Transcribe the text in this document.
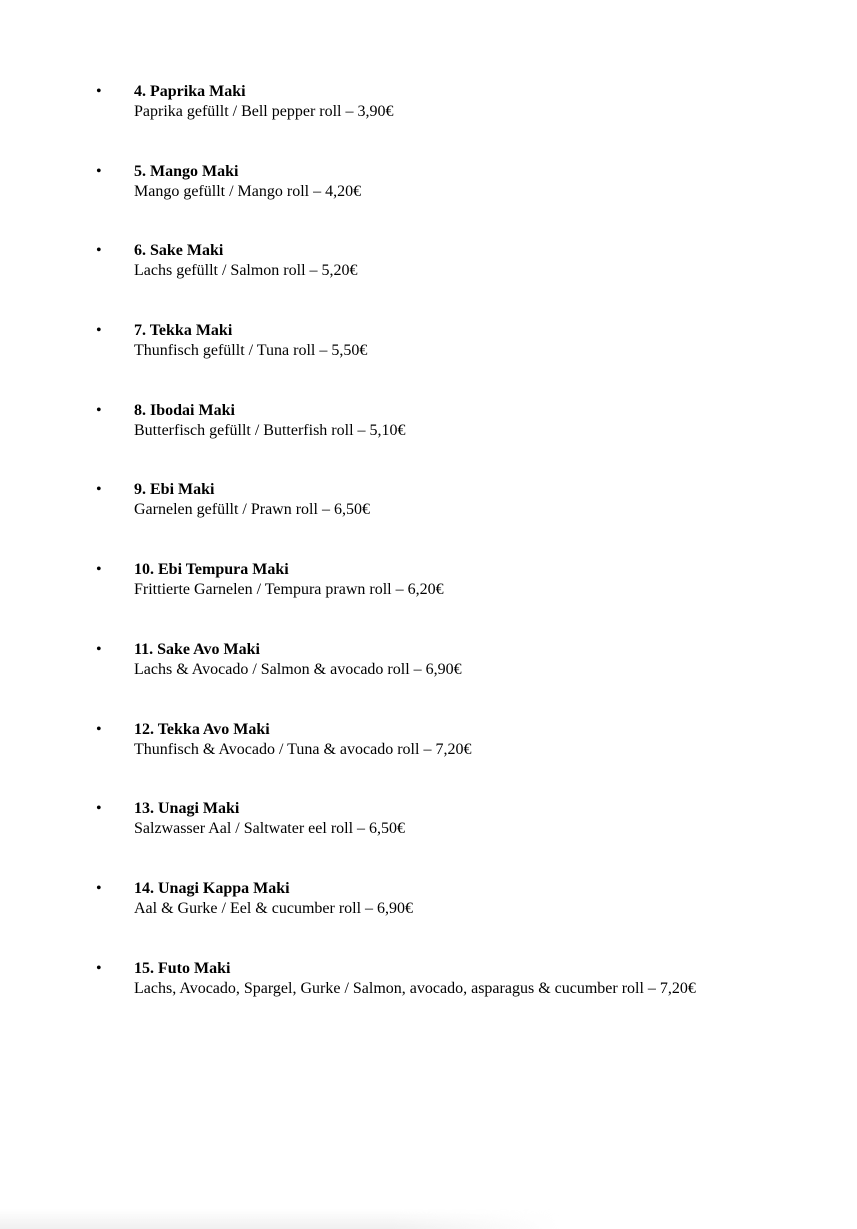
• 4. Paprika Maki
Paprika gefüllt / Bell pepper roll – 3,90€
• 5. Mango Maki
Mango gefüllt / Mango roll – 4,20€
• 6. Sake Maki
Lachs gefüllt / Salmon roll – 5,20€
• 7. Tekka Maki
Thunfisch gefüllt / Tuna roll – 5,50€
• 8. Ibodai Maki
Butterfisch gefüllt / Butterfish roll – 5,10€
• 9. Ebi Maki
Garnelen gefüllt / Prawn roll – 6,50€
• 10. Ebi Tempura Maki
Frittierte Garnelen / Tempura prawn roll – 6,20€
• 11. Sake Avo Maki
Lachs & Avocado / Salmon & avocado roll – 6,90€
• 12. Tekka Avo Maki
Thunfisch & Avocado / Tuna & avocado roll – 7,20€
• 13. Unagi Maki
Salzwasser Aal / Saltwater eel roll – 6,50€
• 14. Unagi Kappa Maki
Aal & Gurke / Eel & cucumber roll – 6,90€
• 15. Futo Maki
Lachs, Avocado, Spargel, Gurke / Salmon, avocado, asparagus & cucumber roll – 7,20€
